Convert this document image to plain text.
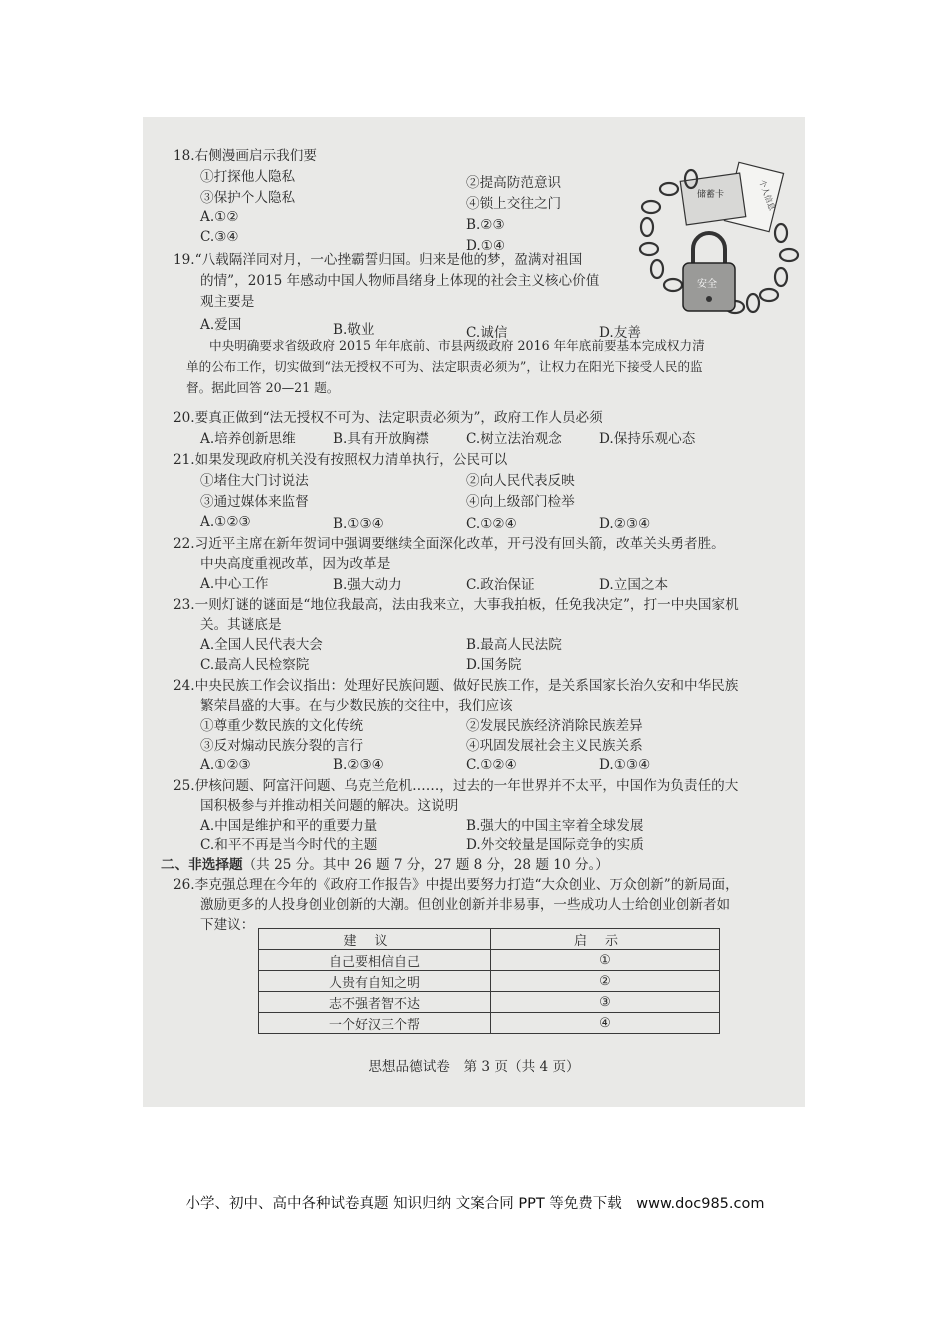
18.右侧漫画启示我们要
①打探他人隐私	②提高防范意识
③保护个人隐私	④锁上交往之门
A.①②	B.②③
C.③④
D.①④
个人信息
储蓄卡
安全
19.“八载隔洋同对月，一心挫霸誓归国。归来是他的梦，盈满对祖国
的情”，2015 年感动中国人物师昌绪身上体现的社会主义核心价值
观主要是
A.爱国	B.敬业	C.诚信	D.友善
中央明确要求省级政府 2015 年年底前、市县两级政府 2016 年年底前要基本完成权力清
单的公布工作，切实做到“法无授权不可为、法定职责必须为”，让权力在阳光下接受人民的监
督。据此回答 20—21 题。
20.要真正做到“法无授权不可为、法定职责必须为”，政府工作人员必须
A.培养创新思维	B.具有开放胸襟	C.树立法治观念	D.保持乐观心态
21.如果发现政府机关没有按照权力清单执行，公民可以
①堵住大门讨说法	②向人民代表反映
③通过媒体来监督	④向上级部门检举
A.①②③	B.①③④	C.①②④	D.②③④
22.习近平主席在新年贺词中强调要继续全面深化改革，开弓没有回头箭，改革关头勇者胜。
中央高度重视改革，因为改革是
A.中心工作	B.强大动力	C.政治保证	D.立国之本
23.一则灯谜的谜面是“地位我最高，法由我来立，大事我拍板，任免我决定”，打一中央国家机
关。其谜底是
A.全国人民代表大会	B.最高人民法院
C.最高人民检察院	D.国务院
24.中央民族工作会议指出：处理好民族问题、做好民族工作，是关系国家长治久安和中华民族
繁荣昌盛的大事。在与少数民族的交往中，我们应该
①尊重少数民族的文化传统	②发展民族经济消除民族差异
③反对煽动民族分裂的言行	④巩固发展社会主义民族关系
A.①②③	B.②③④	C.①②④	D.①③④
25.伊核问题、阿富汗问题、乌克兰危机……，过去的一年世界并不太平，中国作为负责任的大
国积极参与并推动相关问题的解决。这说明
A.中国是维护和平的重要力量	B.强大的中国主宰着全球发展
C.和平不再是当今时代的主题	D.外交较量是国际竞争的实质
二、非选择题（共 25 分。其中 26 题 7 分，27 题 8 分，28 题 10 分。）
26.李克强总理在今年的《政府工作报告》中提出要努力打造“大众创业、万众创新”的新局面，
激励更多的人投身创业创新的大潮。但创业创新并非易事，一些成功人士给创业创新者如
下建议：
建议	启示
自己要相信自己	①
人贵有自知之明	②
志不强者智不达	③
一个好汉三个帮	④
思想品德试卷　第 3 页（共 4 页）
小学、初中、高中各种试卷真题 知识归纳 文案合同 PPT 等免费下载　www.doc985.com
